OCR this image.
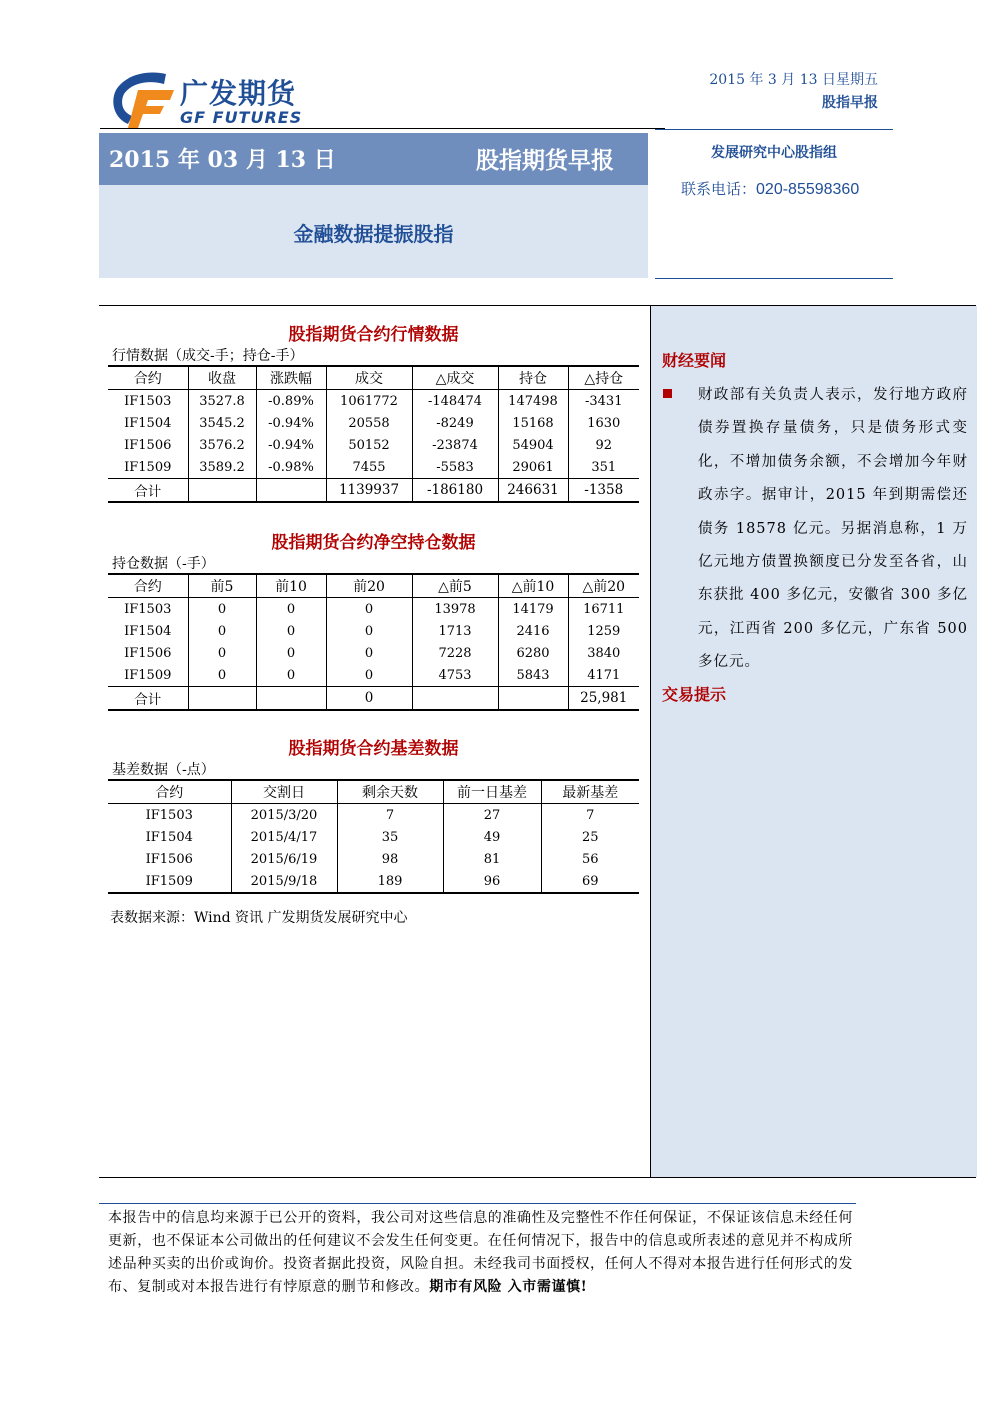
广发期货
GF FUTURES
2015 年 3 月 13 日星期五
股指早报
2015 年 03 月 13 日	股指期货早报
金融数据提振股指
发展研究中心股指组
联系电话：020-85598360
财经要闻
财政部有关负责人表示，发行地方政府债券置换存量债务，只是债务形式变化，不增加债务余额，不会增加今年财政赤字。据审计，2015 年到期需偿还债务 18578 亿元。另据消息称，1 万亿元地方债置换额度已分发至各省，山东获批 400 多亿元，安徽省 300 多亿元，江西省 200 多亿元，广东省 500 多亿元。
交易提示
股指期货合约行情数据
行情数据（成交-手；持仓-手）
合约	收盘	涨跌幅	成交	△成交	持仓	△持仓
IF1503	3527.8	-0.89%	1061772	-148474	147498	-3431
IF1504	3545.2	-0.94%	20558	-8249	15168	1630
IF1506	3576.2	-0.94%	50152	-23874	54904	92
IF1509	3589.2	-0.98%	7455	-5583	29061	351
合计			1139937	-186180	246631	-1358
股指期货合约净空持仓数据
持仓数据（-手）
合约	前5	前10	前20	△前5	△前10	△前20
IF1503	0	0	0	13978	14179	16711
IF1504	0	0	0	1713	2416	1259
IF1506	0	0	0	7228	6280	3840
IF1509	0	0	0	4753	5843	4171
合计			0			25,981
股指期货合约基差数据
基差数据（-点）
合约	交割日	剩余天数	前一日基差	最新基差
IF1503	2015/3/20	7	27	7
IF1504	2015/4/17	35	49	25
IF1506	2015/6/19	98	81	56
IF1509	2015/9/18	189	96	69
表数据来源：Wind 资讯 广发期货发展研究中心
本报告中的信息均来源于已公开的资料，我公司对这些信息的准确性及完整性不作任何保证，不保证该信息未经任何更新，也不保证本公司做出的任何建议不会发生任何变更。在任何情况下，报告中的信息或所表述的意见并不构成所述品种买卖的出价或询价。投资者据此投资，风险自担。未经我司书面授权，任何人不得对本报告进行任何形式的发布、复制或对本报告进行有悖原意的删节和修改。期市有风险 入市需谨慎!
